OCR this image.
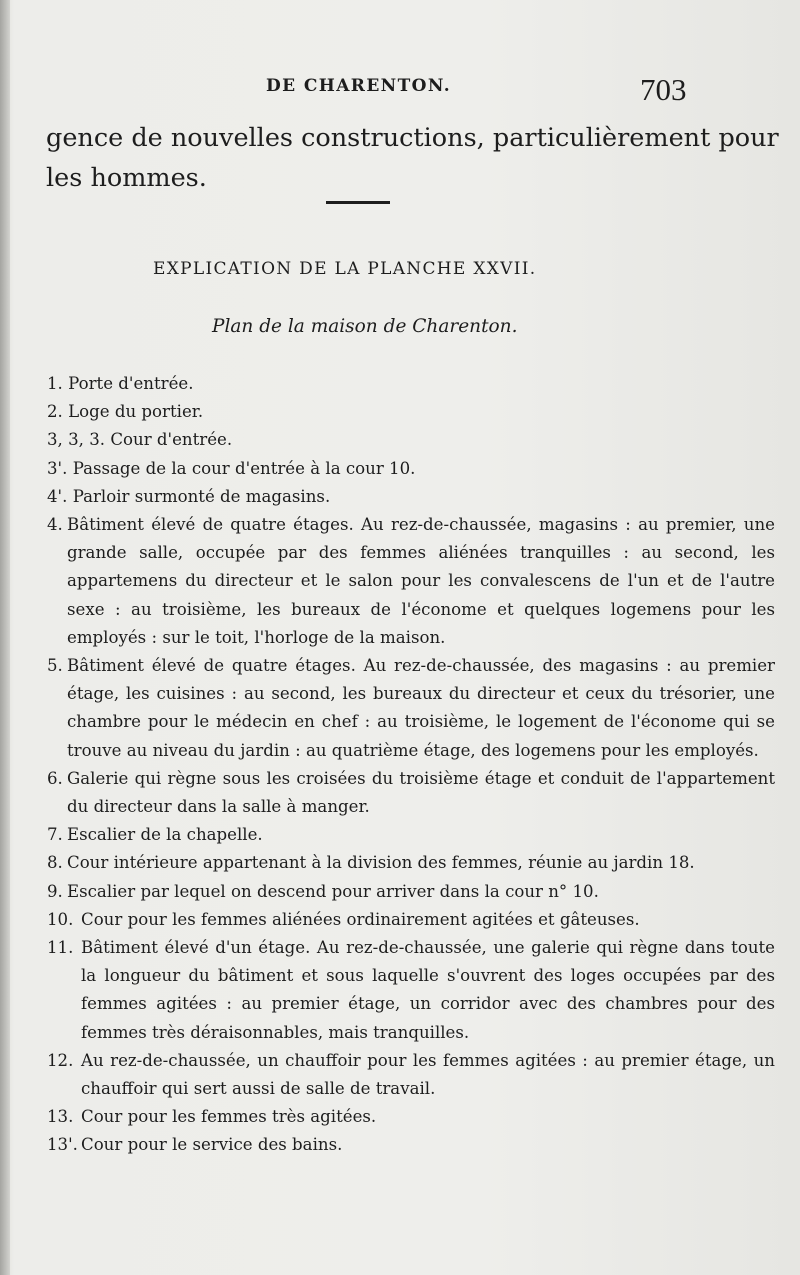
DE CHARENTON.	703
gence de nouvelles constructions, particulièrement pour les hommes.
EXPLICATION DE LA PLANCHE XXVII.
Plan de la maison de Charenton.
1. Porte d'entrée.
2. Loge du portier.
3, 3, 3. Cour d'entrée.
3'. Passage de la cour d'entrée à la cour 10.
4'. Parloir surmonté de magasins.
4. Bâtiment élevé de quatre étages. Au rez-de-chaussée, magasins : au premier, une grande salle, occupée par des femmes aliénées tranquilles : au second, les appartemens du directeur et le salon pour les convalescens de l'un et de l'autre sexe : au troisième, les bureaux de l'économe et quelques logemens pour les employés : sur le toit, l'horloge de la maison.
5. Bâtiment élevé de quatre étages. Au rez-de-chaussée, des magasins : au premier étage, les cuisines : au second, les bureaux du directeur et ceux du trésorier, une chambre pour le médecin en chef : au troisième, le logement de l'économe qui se trouve au niveau du jardin : au quatrième étage, des logemens pour les employés.
6. Galerie qui règne sous les croisées du troisième étage et conduit de l'appartement du directeur dans la salle à manger.
7. Escalier de la chapelle.
8. Cour intérieure appartenant à la division des femmes, réunie au jardin 18.
9. Escalier par lequel on descend pour arriver dans la cour n° 10.
10. Cour pour les femmes aliénées ordinairement agitées et gâteuses.
11. Bâtiment élevé d'un étage. Au rez-de-chaussée, une galerie qui règne dans toute la longueur du bâtiment et sous laquelle s'ouvrent des loges occupées par des femmes agitées : au premier étage, un corridor avec des chambres pour des femmes très déraisonnables, mais tranquilles.
12. Au rez-de-chaussée, un chauffoir pour les femmes agitées : au premier étage, un chauffoir qui sert aussi de salle de travail.
13. Cour pour les femmes très agitées.
13'. Cour pour le service des bains.
